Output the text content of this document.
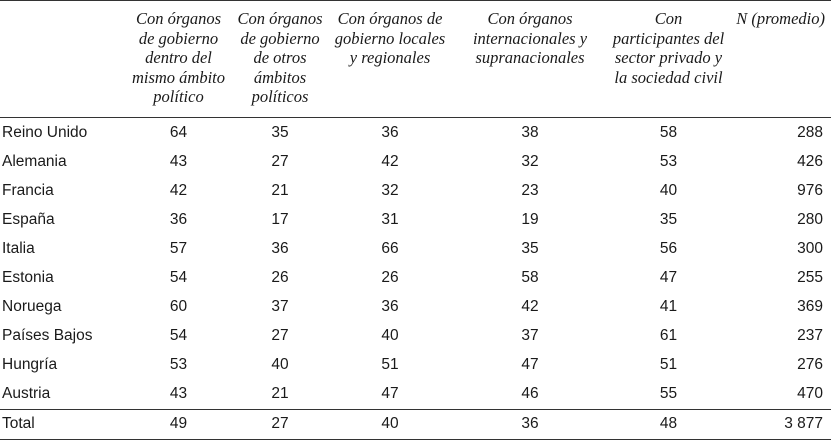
	Con órganos de gobierno dentro del mismo ámbito político	Con órganos de gobierno de otros ámbitos políticos	Con órganos de gobierno locales y regionales	Con órganos internacionales y supranacionales	Con participantes del sector privado y la sociedad civil	N (promedio)
Reino Unido	64	35	36	38	58	288
Alemania	43	27	42	32	53	426
Francia	42	21	32	23	40	976
España	36	17	31	19	35	280
Italia	57	36	66	35	56	300
Estonia	54	26	26	58	47	255
Noruega	60	37	36	42	41	369
Países Bajos	54	27	40	37	61	237
Hungría	53	40	51	47	51	276
Austria	43	21	47	46	55	470
Total	49	27	40	36	48	3 877
